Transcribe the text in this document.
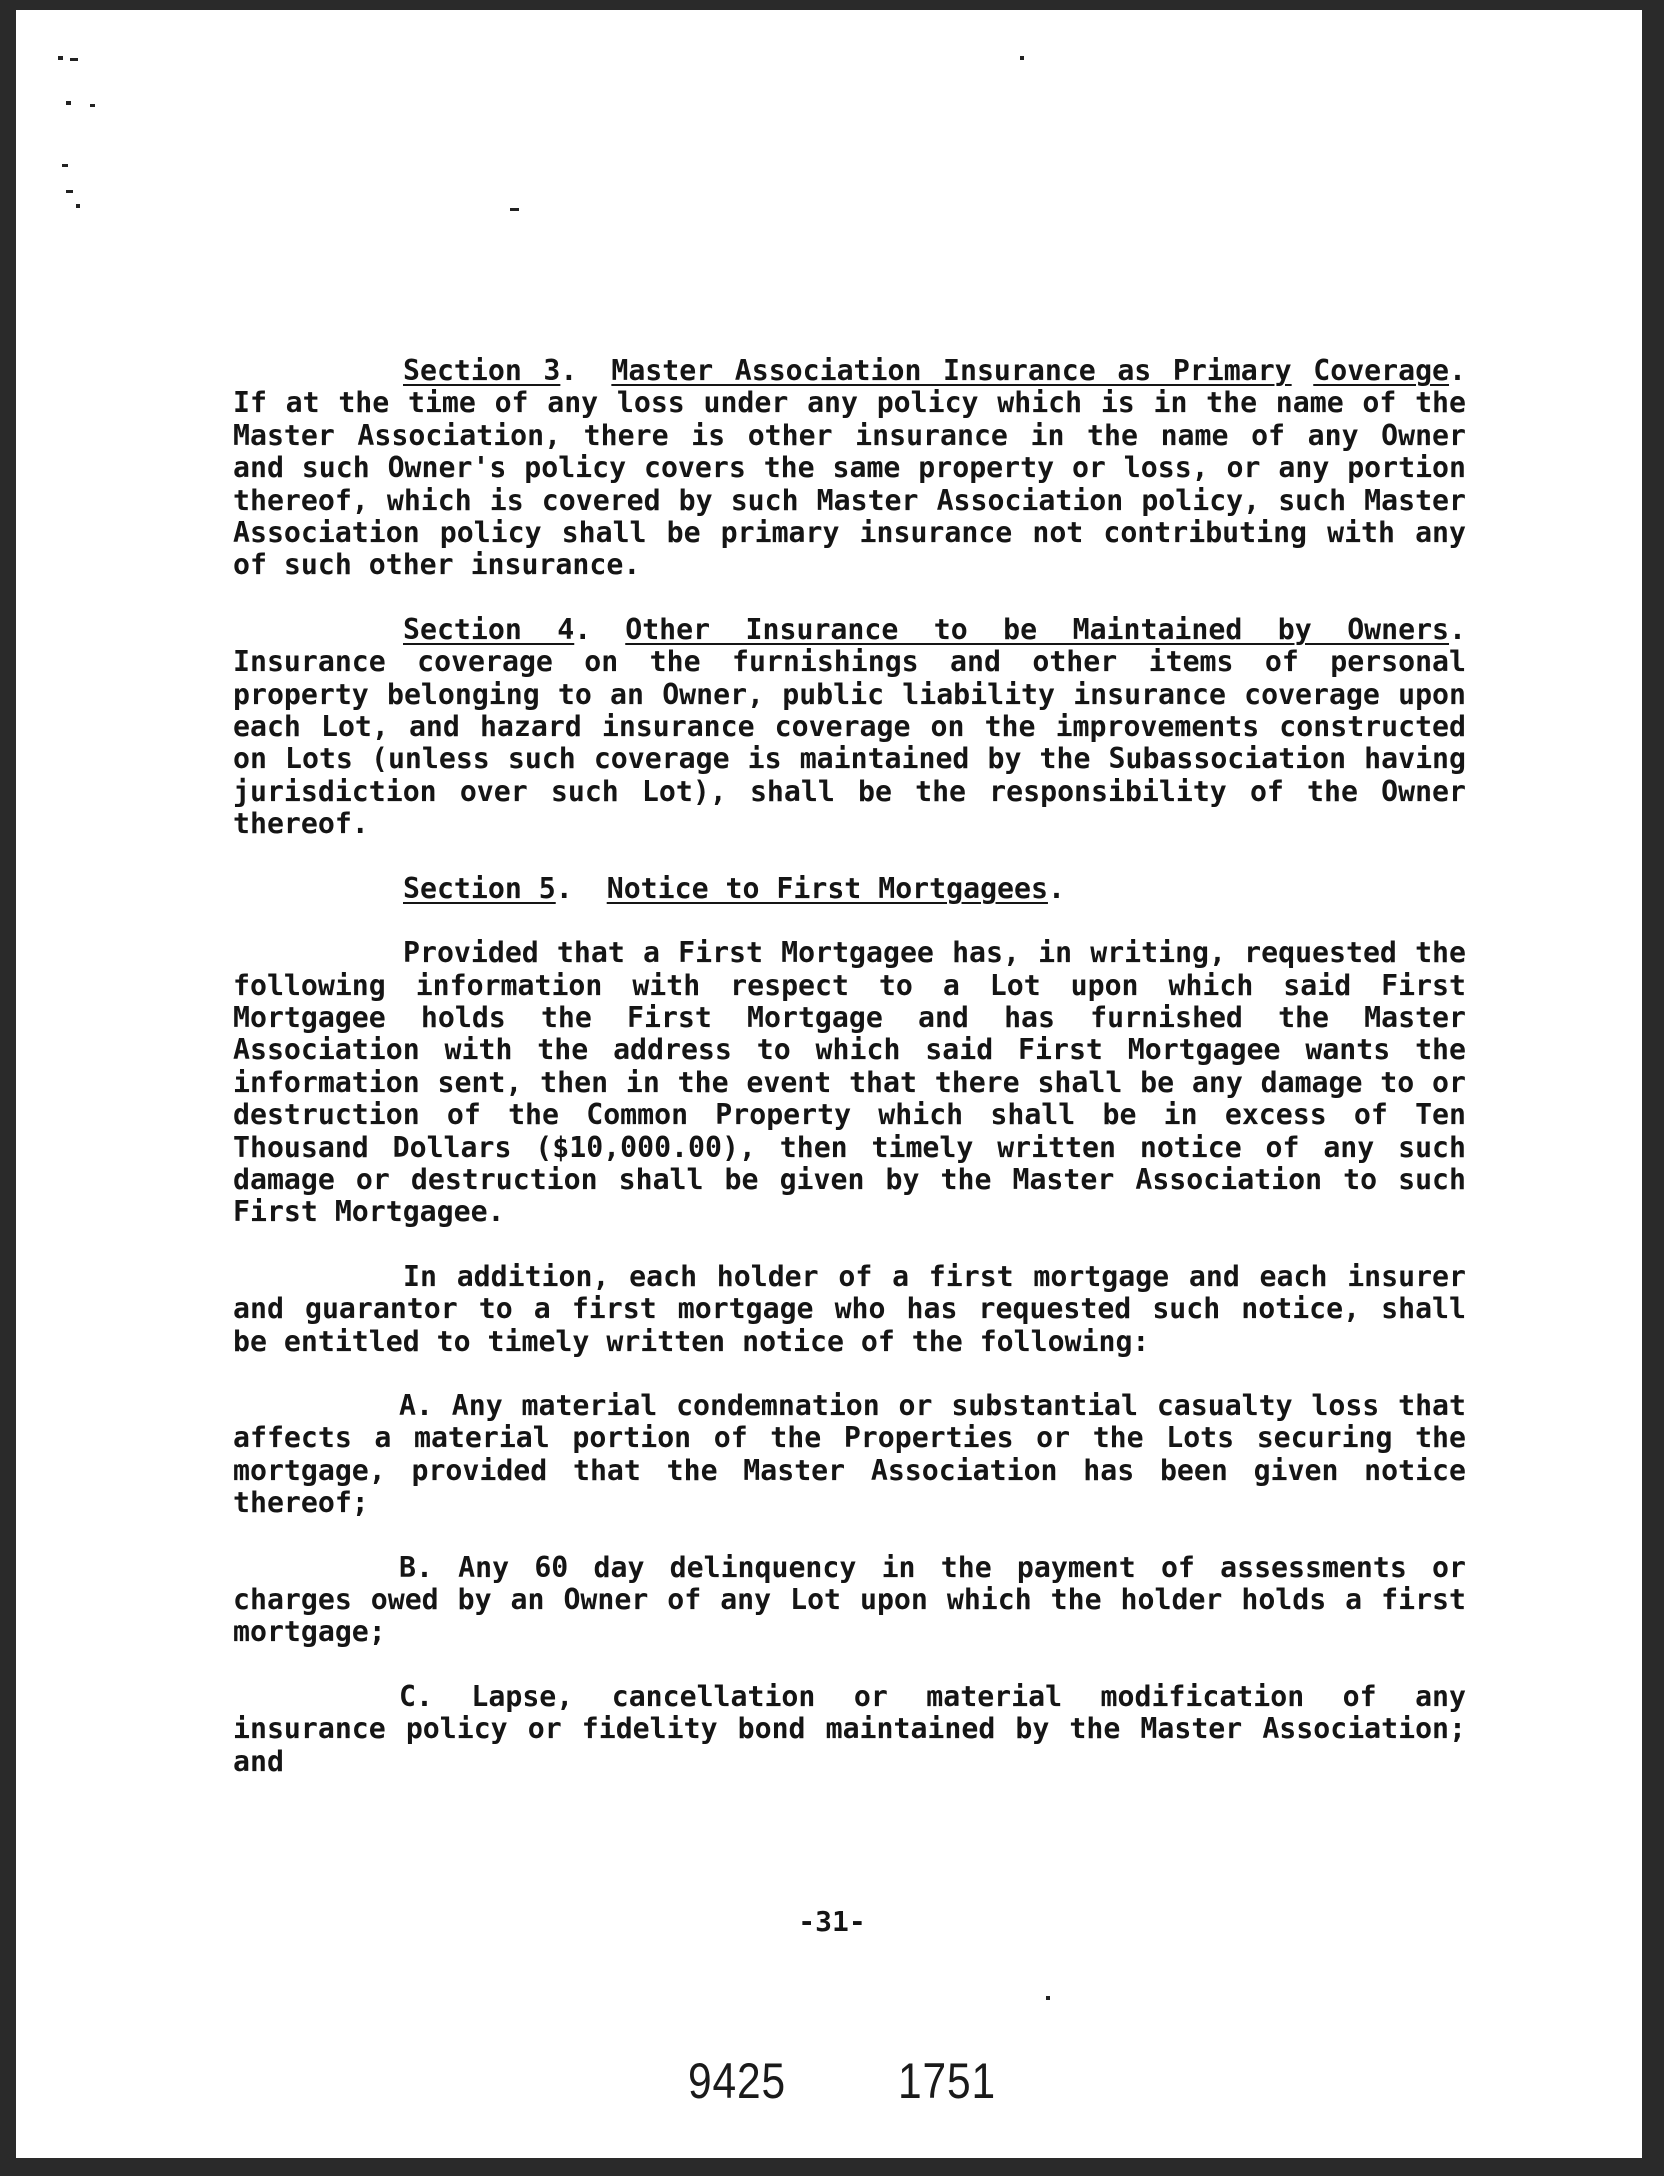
Section 3. Master Association Insurance as Primary Coverage. If at the time of any loss under any policy which is in the name of the Master Association, there is other insurance in the name of any Owner and such Owner's policy covers the same property or loss, or any portion thereof, which is covered by such Master Association policy, such Master Association policy shall be primary insurance not contributing with any of such other insurance.

Section 4. Other Insurance to be Maintained by Owners. Insurance coverage on the furnishings and other items of personal property belonging to an Owner, public liability insurance coverage upon each Lot, and hazard insurance coverage on the improvements constructed on Lots (unless such coverage is maintained by the Subassociation having jurisdiction over such Lot), shall be the responsibility of the Owner thereof.

Section 5. Notice to First Mortgagees.

Provided that a First Mortgagee has, in writing, requested the following information with respect to a Lot upon which said First Mortgagee holds the First Mortgage and has furnished the Master Association with the address to which said First Mortgagee wants the information sent, then in the event that there shall be any damage to or destruction of the Common Property which shall be in excess of Ten Thousand Dollars ($10,000.00), then timely written notice of any such damage or destruction shall be given by the Master Association to such First Mortgagee.

In addition, each holder of a first mortgage and each insurer and guarantor to a first mortgage who has requested such notice, shall be entitled to timely written notice of the following:

A. Any material condemnation or substantial casualty loss that affects a material portion of the Properties or the Lots securing the mortgage, provided that the Master Association has been given notice thereof;

B. Any 60 day delinquency in the payment of assessments or charges owed by an Owner of any Lot upon which the holder holds a first mortgage;

C. Lapse, cancellation or material modification of any insurance policy or fidelity bond maintained by the Master Association; and

-31-
9425 1751
